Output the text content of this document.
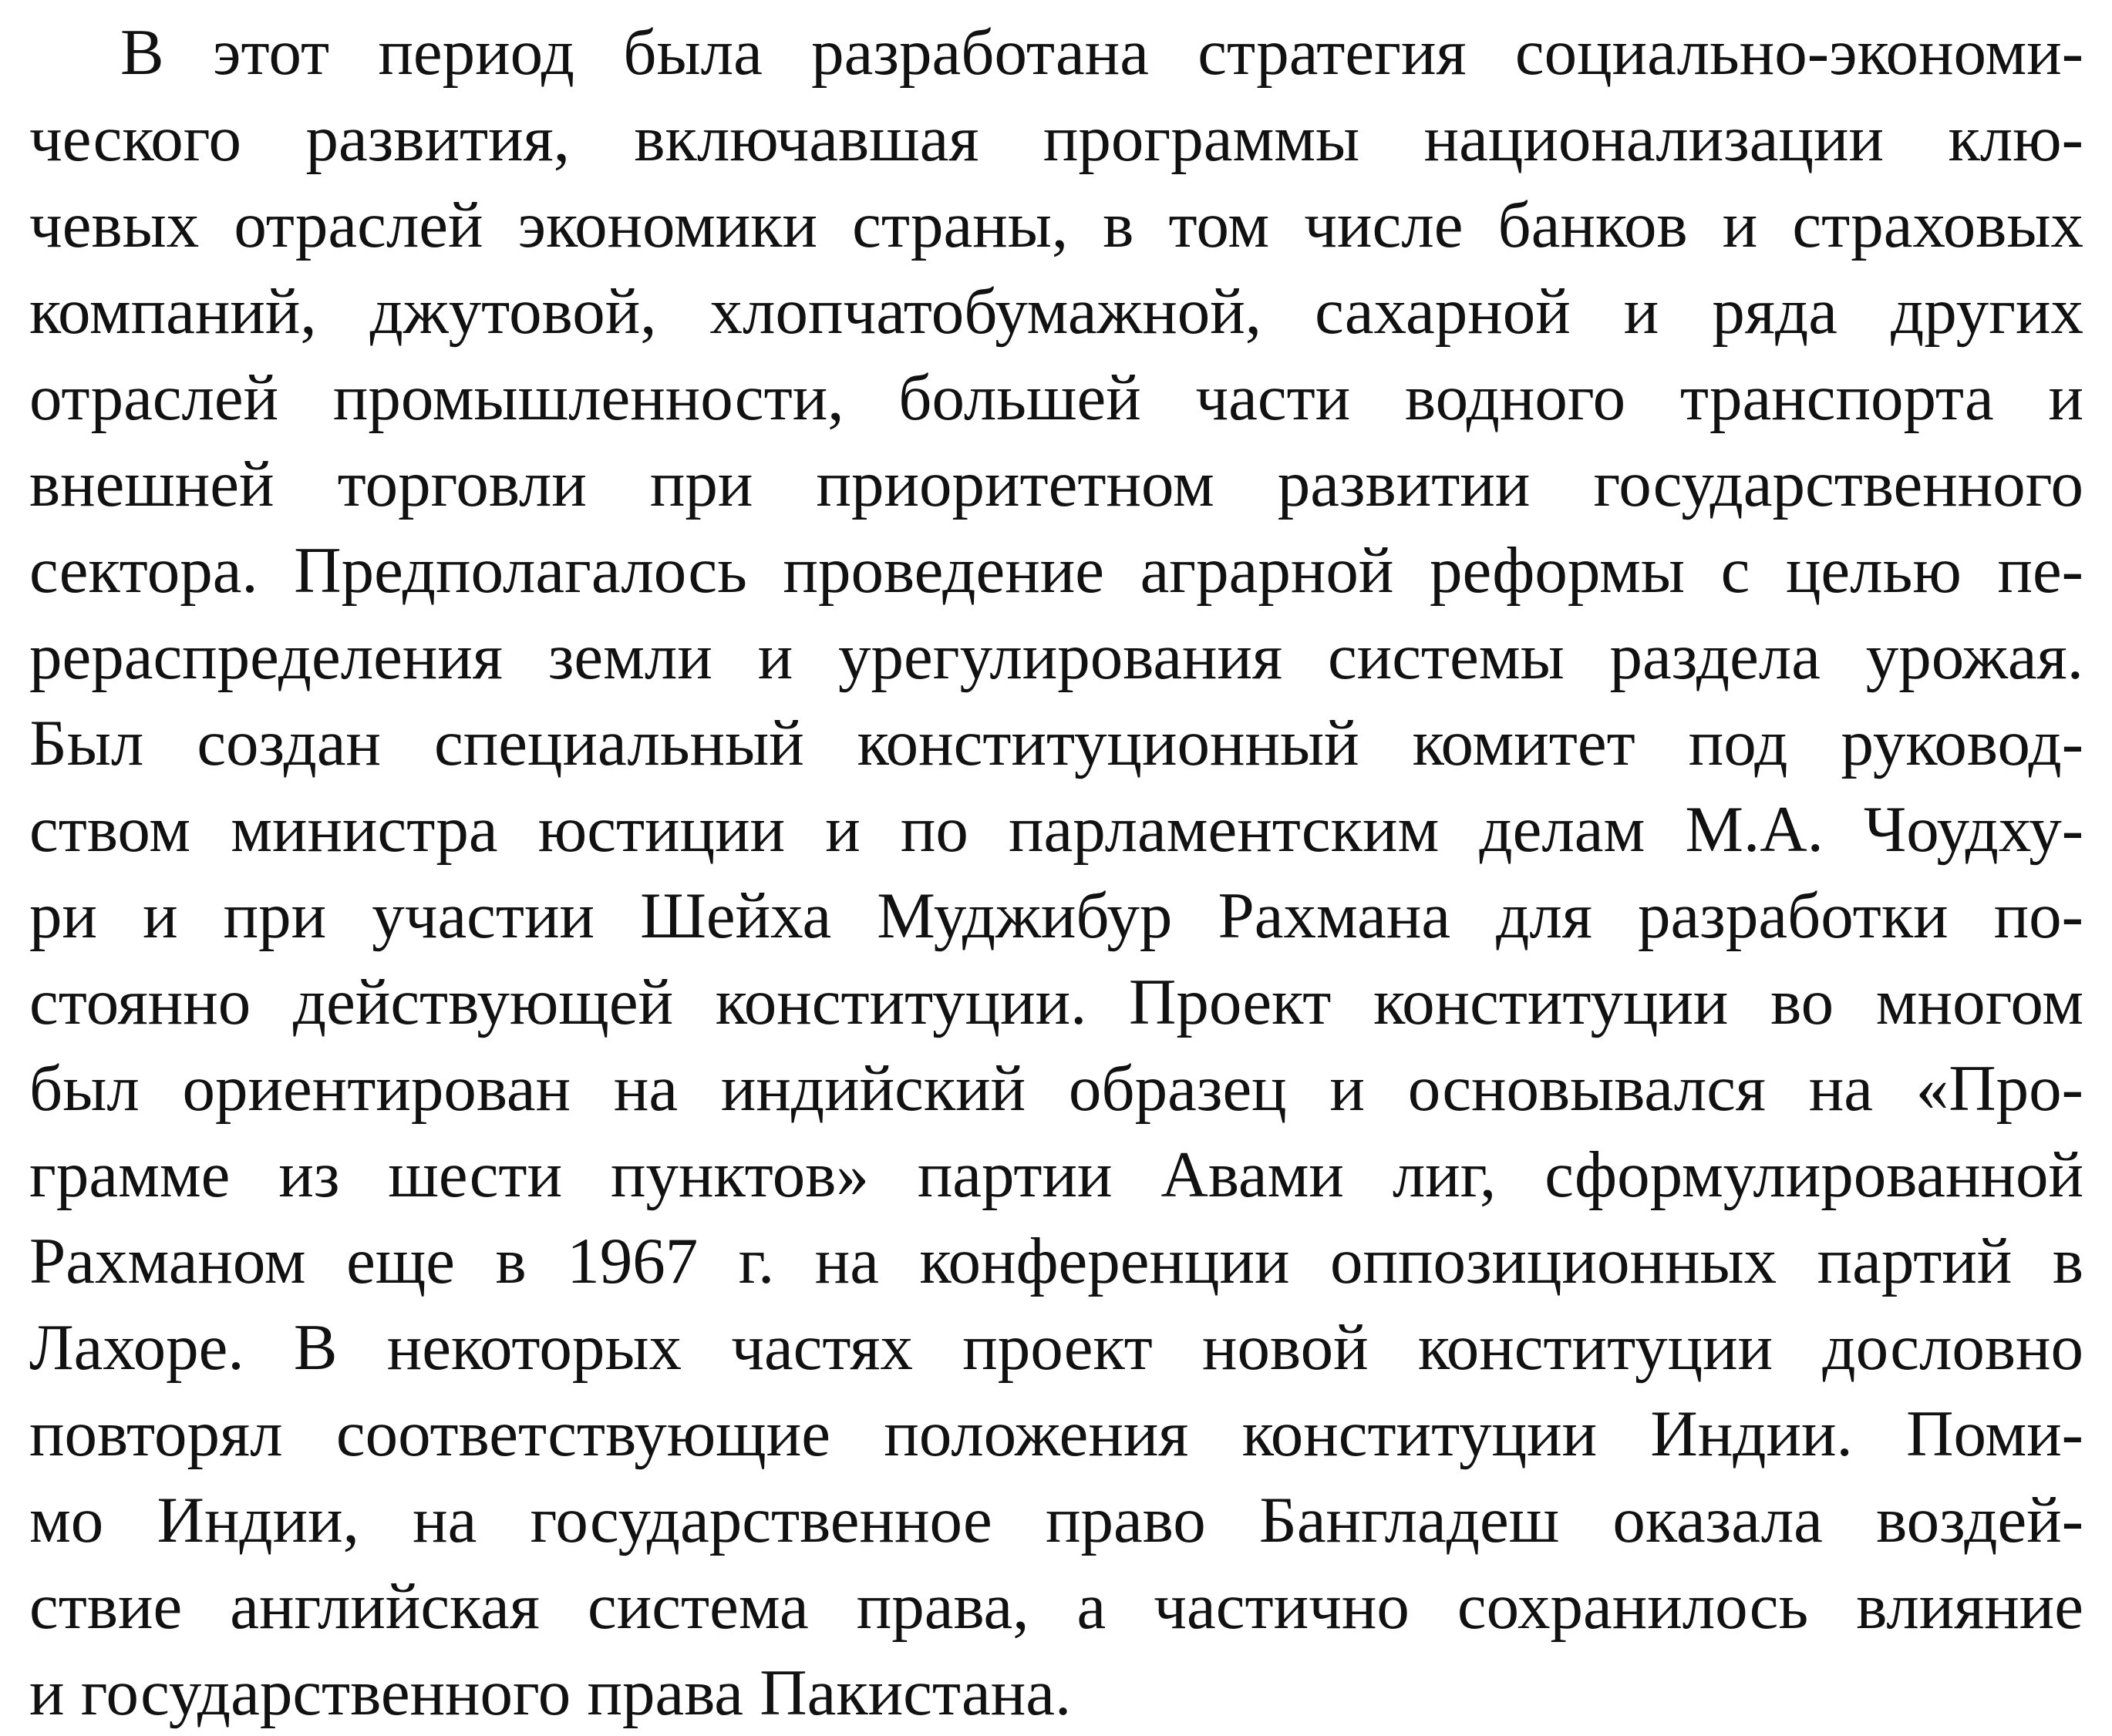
В этот период была разработана стратегия социально-экономи-
ческого развития, включавшая программы национализации клю-
чевых отраслей экономики страны, в том числе банков и страховых
компаний, джутовой, хлопчатобумажной, сахарной и ряда других
отраслей промышленности, большей части водного транспорта и
внешней торговли при приоритетном развитии государственного
сектора. Предполагалось проведение аграрной реформы с целью пе-
рераспределения земли и урегулирования системы раздела урожая.
Был создан специальный конституционный комитет под руковод-
ством министра юстиции и по парламентским делам М.А. Чоудху-
ри и при участии Шейха Муджибур Рахмана для разработки по-
стоянно действующей конституции. Проект конституции во многом
был ориентирован на индийский образец и основывался на «Про-
грамме из шести пунктов» партии Авами лиг, сформулированной
Рахманом еще в 1967 г. на конференции оппозиционных партий в
Лахоре. В некоторых частях проект новой конституции дословно
повторял соответствующие положения конституции Индии. Поми-
мо Индии, на государственное право Бангладеш оказала воздей-
ствие английская система права, а частично сохранилось влияние
и государственного права Пакистана.
